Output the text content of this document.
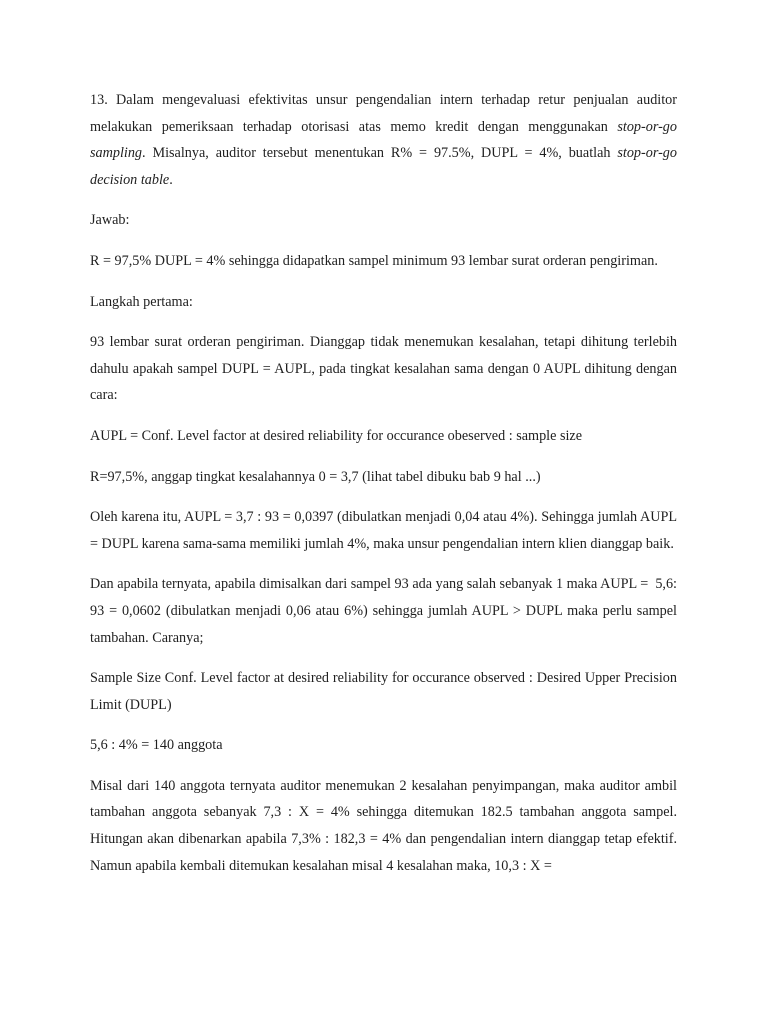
13. Dalam mengevaluasi efektivitas unsur pengendalian intern terhadap retur penjualan auditor melakukan pemeriksaan terhadap otorisasi atas memo kredit dengan menggunakan stop-or-go sampling. Misalnya, auditor tersebut menentukan R% = 97.5%, DUPL = 4%, buatlah stop-or-go decision table.

Jawab:

R = 97,5% DUPL = 4% sehingga didapatkan sampel minimum 93 lembar surat orderan pengiriman.

Langkah pertama:

93 lembar surat orderan pengiriman. Dianggap tidak menemukan kesalahan, tetapi dihitung terlebih dahulu apakah sampel DUPL = AUPL, pada tingkat kesalahan sama dengan 0 AUPL dihitung dengan cara:

AUPL = Conf. Level factor at desired reliability for occurance obeserved : sample size

R=97,5%, anggap tingkat kesalahannya 0 = 3,7 (lihat tabel dibuku bab 9 hal ...)

Oleh karena itu, AUPL = 3,7 : 93 = 0,0397 (dibulatkan menjadi 0,04 atau 4%). Sehingga jumlah AUPL = DUPL karena sama-sama memiliki jumlah 4%, maka unsur pengendalian intern klien dianggap baik.

Dan apabila ternyata, apabila dimisalkan dari sampel 93 ada yang salah sebanyak 1 maka AUPL = 5,6: 93 = 0,0602 (dibulatkan menjadi 0,06 atau 6%) sehingga jumlah AUPL > DUPL maka perlu sampel tambahan. Caranya;

Sample Size Conf. Level factor at desired reliability for occurance observed : Desired Upper Precision Limit (DUPL)

5,6 : 4% = 140 anggota

Misal dari 140 anggota ternyata auditor menemukan 2 kesalahan penyimpangan, maka auditor ambil tambahan anggota sebanyak 7,3 : X = 4% sehingga ditemukan 182.5 tambahan anggota sampel. Hitungan akan dibenarkan apabila 7,3% : 182,3 = 4% dan pengendalian intern dianggap tetap efektif. Namun apabila kembali ditemukan kesalahan misal 4 kesalahan maka, 10,3 : X =
